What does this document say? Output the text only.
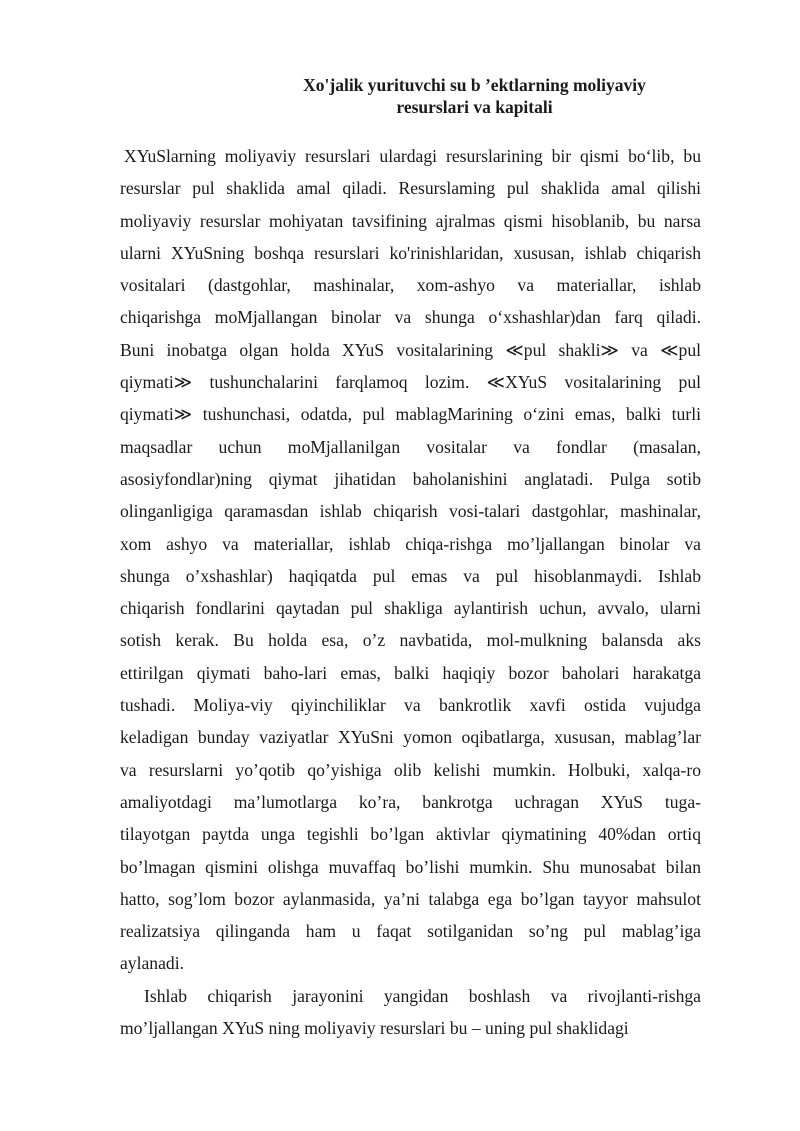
Xo'jalik yurituvchi su b ’ektlarning moliyaviy
resurslari va kapitali

XYuSlarning moliyaviy resurslari ulardagi resurslarining bir qismi bo‘lib, bu
resurslar pul shaklida amal qiladi. Resurslaming pul shaklida amal qilishi
moliyaviy resurslar mohiyatan tavsifining ajralmas qismi hisoblanib, bu narsa
ularni XYuSning boshqa resurslari ko'rinishlaridan, xususan, ishlab chiqarish
vositalari (dastgohlar, mashinalar, xom-ashyo va materiallar, ishlab
chiqarishga moMjallangan binolar va shunga o‘xshashlar)dan farq qiladi.
Buni inobatga olgan holda XYuS vositalarining ≪pul shakli≫ va ≪pul
qiymati≫ tushunchalarini farqlamoq lozim. ≪XYuS vositalarining pul
qiymati≫ tushunchasi, odatda, pul mablagMarining o‘zini emas, balki turli
maqsadlar uchun moMjallanilgan vositalar va fondlar (masalan,
asosiyfondlar)ning qiymat jihatidan baholanishini anglatadi. Pulga sotib
olinganligiga qaramasdan ishlab chiqarish vosi-talari dastgohlar, mashinalar,
xom ashyo va materiallar, ishlab chiqa-rishga mo’ljallangan binolar va
shunga o’xshashlar) haqiqatda pul emas va pul hisoblanmaydi. Ishlab
chiqarish fondlarini qaytadan pul shakliga aylantirish uchun, avvalo, ularni
sotish kerak. Bu holda esa, o’z navbatida, mol-mulkning balansda aks
ettirilgan qiymati baho-lari emas, balki haqiqiy bozor baholari harakatga
tushadi. Moliya-viy qiyinchiliklar va bankrotlik xavfi ostida vujudga
keladigan bunday vaziyatlar XYuSni yomon oqibatlarga, xususan, mablag’lar
va resurslarni yo’qotib qo’yishiga olib kelishi mumkin. Holbuki, xalqa-ro
amaliyotdagi ma’lumotlarga ko’ra, bankrotga uchragan XYuS tuga-
tilayotgan paytda unga tegishli bo’lgan aktivlar qiymatining 40%dan ortiq
bo’lmagan qismini olishga muvaffaq bo’lishi mumkin. Shu munosabat bilan
hatto, sog’lom bozor aylanmasida, ya’ni talabga ega bo’lgan tayyor mahsulot
realizatsiya qilinganda ham u faqat sotilganidan so’ng pul mablag’iga
aylanadi.

Ishlab chiqarish jarayonini yangidan boshlash va rivojlanti-rishga
mo’ljallangan XYuS ning moliyaviy resurslari bu – uning pul shaklidagi
